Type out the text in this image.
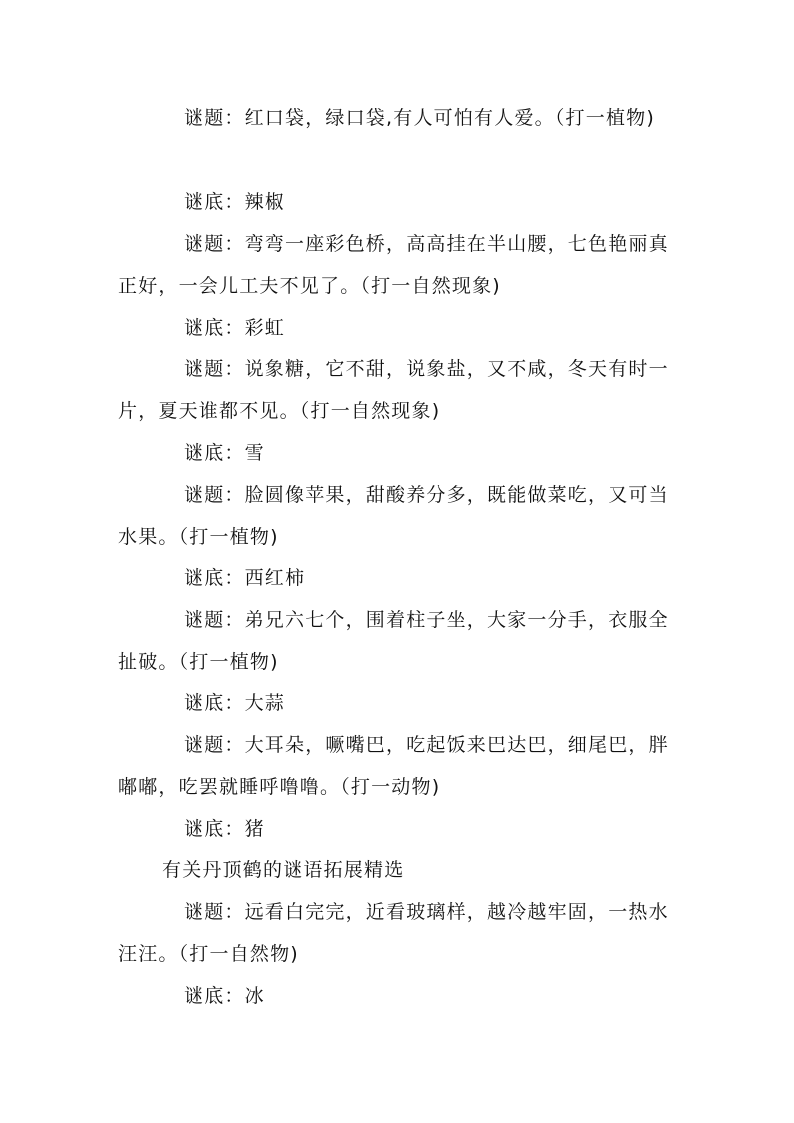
谜题：红口袋，绿口袋,有人可怕有人爱。（打一植物)
谜底：辣椒
谜题：弯弯一座彩色桥，高高挂在半山腰，七色艳丽真正好，一会儿工夫不见了。（打一自然现象)
谜底：彩虹
谜题：说象糖，它不甜，说象盐，又不咸，冬天有时一片，夏天谁都不见。（打一自然现象)
谜底：雪
谜题：脸圆像苹果，甜酸养分多，既能做菜吃，又可当水果。（打一植物)
谜底：西红柿
谜题：弟兄六七个，围着柱子坐，大家一分手，衣服全扯破。（打一植物)
谜底：大蒜
谜题：大耳朵，噘嘴巴，吃起饭来巴达巴，细尾巴，胖嘟嘟，吃罢就睡呼噜噜。（打一动物)
谜底：猪
有关丹顶鹤的谜语拓展精选
谜题：远看白完完，近看玻璃样，越冷越牢固，一热水汪汪。（打一自然物)
谜底：冰
